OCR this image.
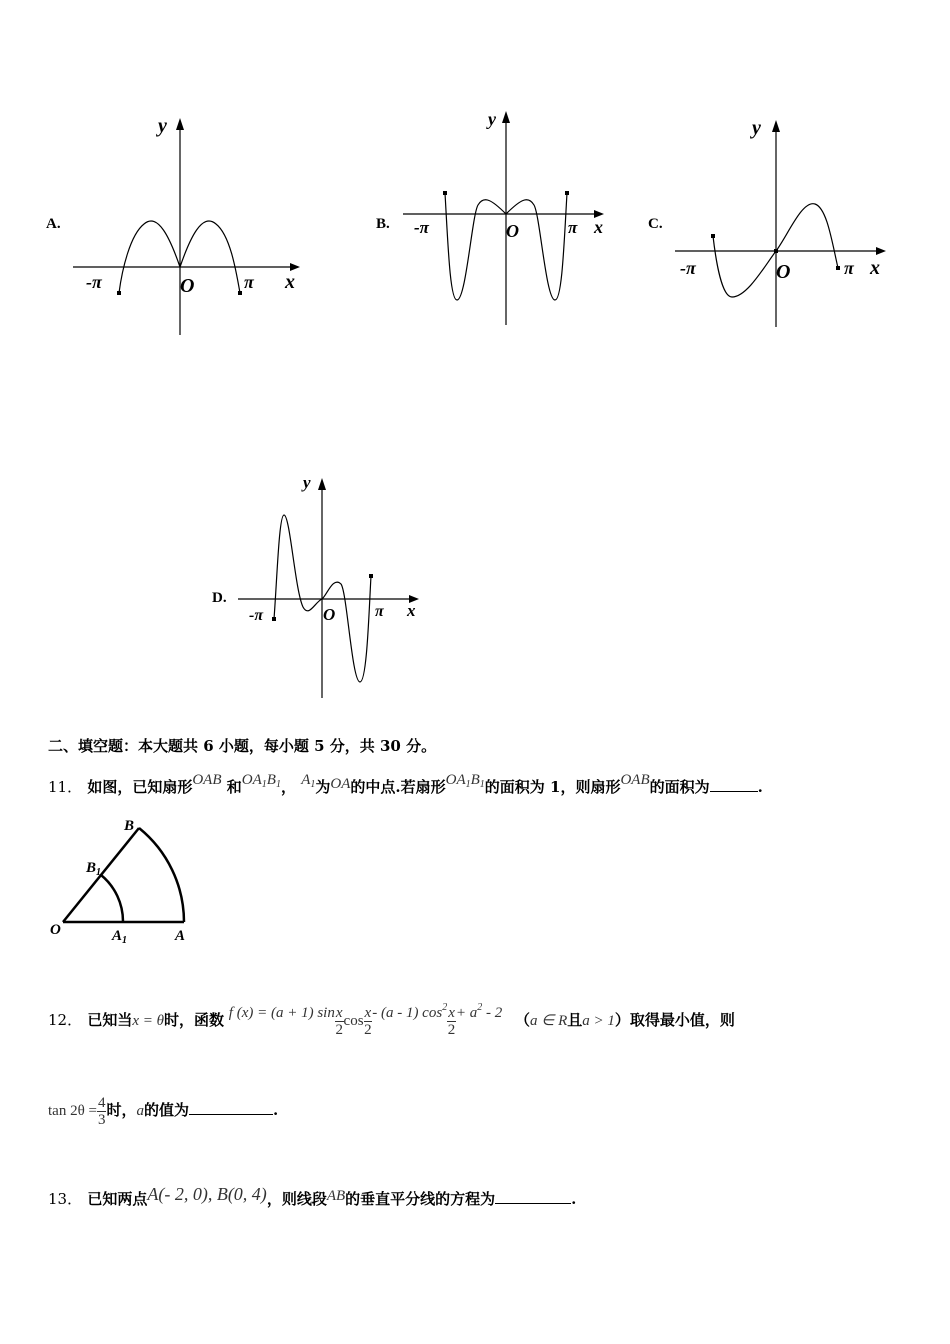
A.
y
x
O
-π	π
B.
y
x
O
-π	π	C.
y
x
O
-π	π
D.
y
x
O
-π	π
二、填空题：本大题共 6 小题，每小题 5 分，共 30 分。
11． 如图，已知扇形OAB 和$OA_1B_1$， $A_1$为OA的中点.若扇形$OA_1B_1$的面积为 1，则扇形OAB的面积为	.
O	A
$A_1$
B
$B_1$
12． 已知当x = θ时，函数 f (x) = (a + 1) $\sin \frac{x}{2}$ $\cos \frac{x}{2} - (a - 1)$ $\cos^2 \frac{x}{2} + a^2 - 2$ （a ∈ R且a > 1）取得最小值，则
$\tan 2\theta = \frac{4}{3}$ 时，a的值为	.
13． 已知两点A(- 2, 0), B(0, 4)，则线段AB的垂直平分线的方程为	.
